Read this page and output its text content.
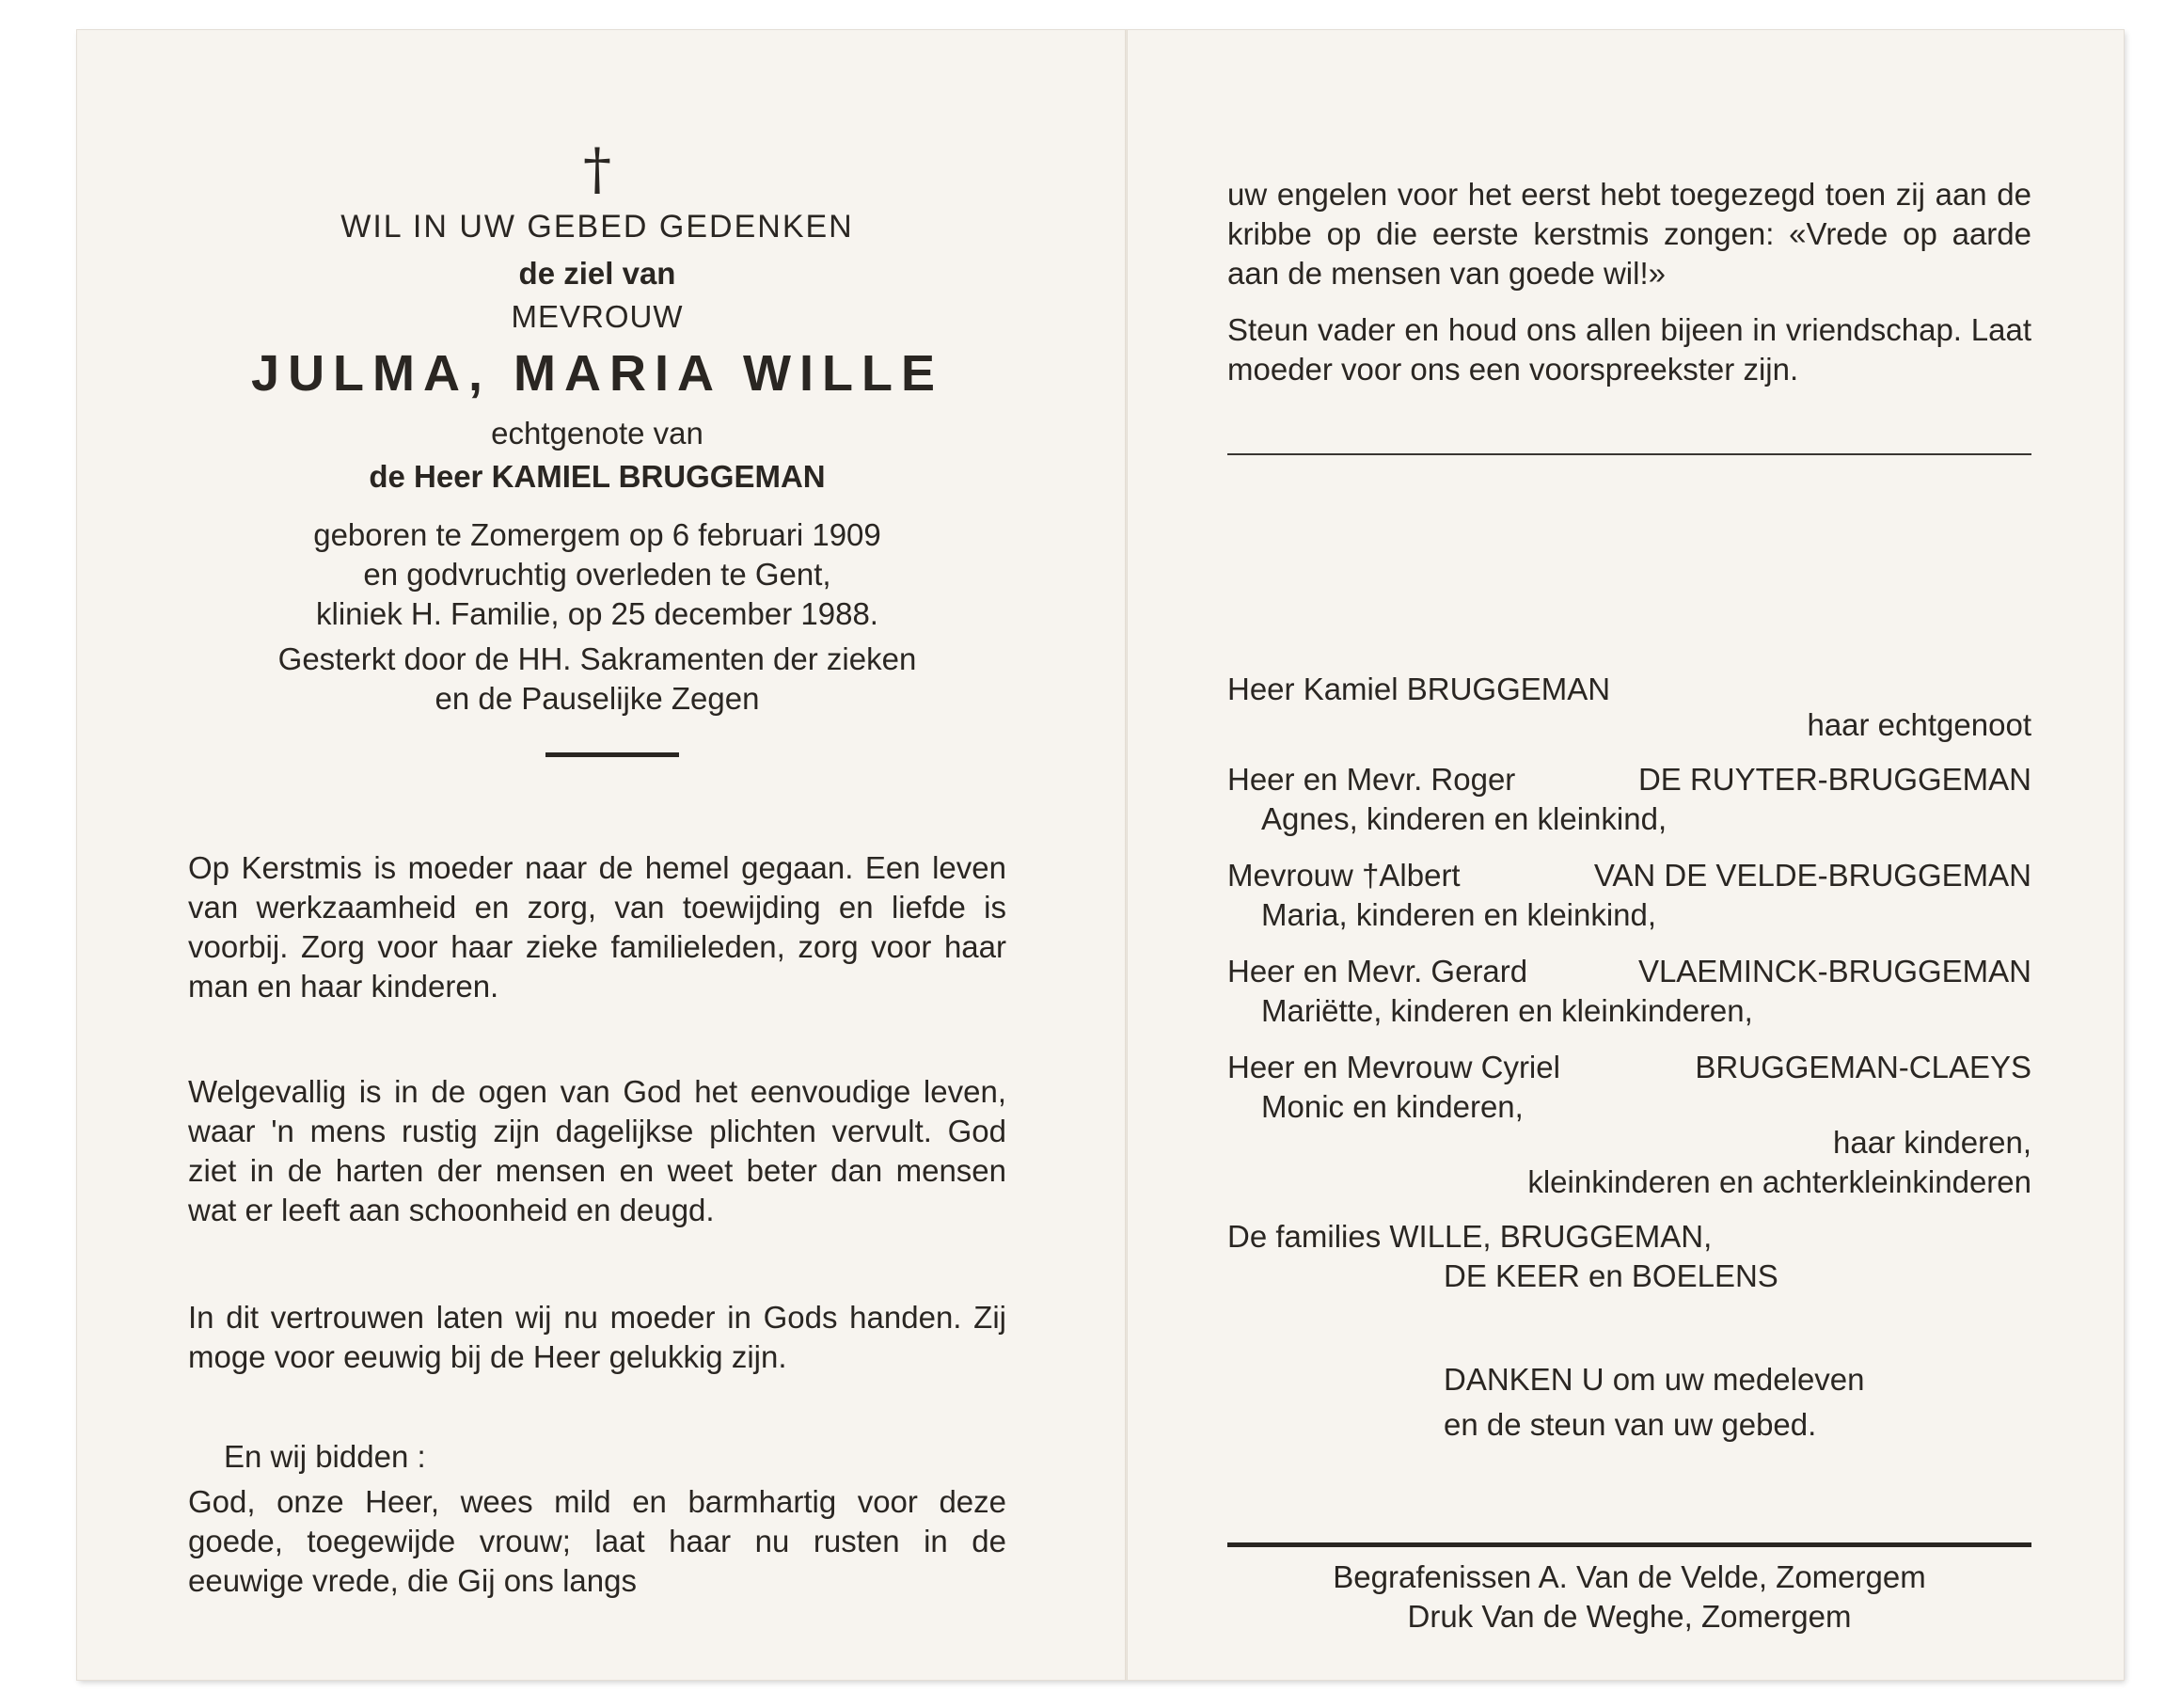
†
WIL IN UW GEBED GEDENKEN
de ziel van
MEVROUW
JULMA, MARIA WILLE
echtgenote van
de Heer KAMIEL BRUGGEMAN
geboren te Zomergem op 6 februari 1909
en godvruchtig overleden te Gent,
kliniek H. Familie, op 25 december 1988.
Gesterkt door de HH. Sakramenten der zieken
en de Pauselijke Zegen
Op Kerstmis is moeder naar de hemel gegaan. Een leven van werkzaamheid en zorg, van toewijding en liefde is voorbij. Zorg voor haar zieke familieleden, zorg voor haar man en haar kinderen.
Welgevallig is in de ogen van God het eenvoudige leven, waar 'n mens rustig zijn dagelijkse plichten vervult. God ziet in de harten der mensen en weet beter dan mensen wat er leeft aan schoonheid en deugd.
In dit vertrouwen laten wij nu moeder in Gods handen. Zij moge voor eeuwig bij de Heer gelukkig zijn.
En wij bidden :
God, onze Heer, wees mild en barmhartig voor deze goede, toegewijde vrouw; laat haar nu rusten in de eeuwige vrede, die Gij ons langs
uw engelen voor het eerst hebt toegezegd toen zij aan de kribbe op die eerste kerstmis zongen: «Vrede op aarde aan de mensen van goede wil!»
Steun vader en houd ons allen bijeen in vriendschap. Laat moeder voor ons een voorspreekster zijn.
Heer Kamiel BRUGGEMAN
haar echtgenoot
Heer en Mevr. Roger	DE RUYTER-BRUGGEMAN
Agnes, kinderen en kleinkind,
Mevrouw †Albert	VAN DE VELDE-BRUGGEMAN
Maria, kinderen en kleinkind,
Heer en Mevr. Gerard	VLAEMINCK-BRUGGEMAN
Mariëtte, kinderen en kleinkinderen,
Heer en Mevrouw Cyriel	BRUGGEMAN-CLAEYS
Monic en kinderen,
haar kinderen,
kleinkinderen en achterkleinkinderen
De families WILLE, BRUGGEMAN,
DE KEER en BOELENS
DANKEN U om uw medeleven
en de steun van uw gebed.
Begrafenissen A. Van de Velde, Zomergem
Druk Van de Weghe, Zomergem
